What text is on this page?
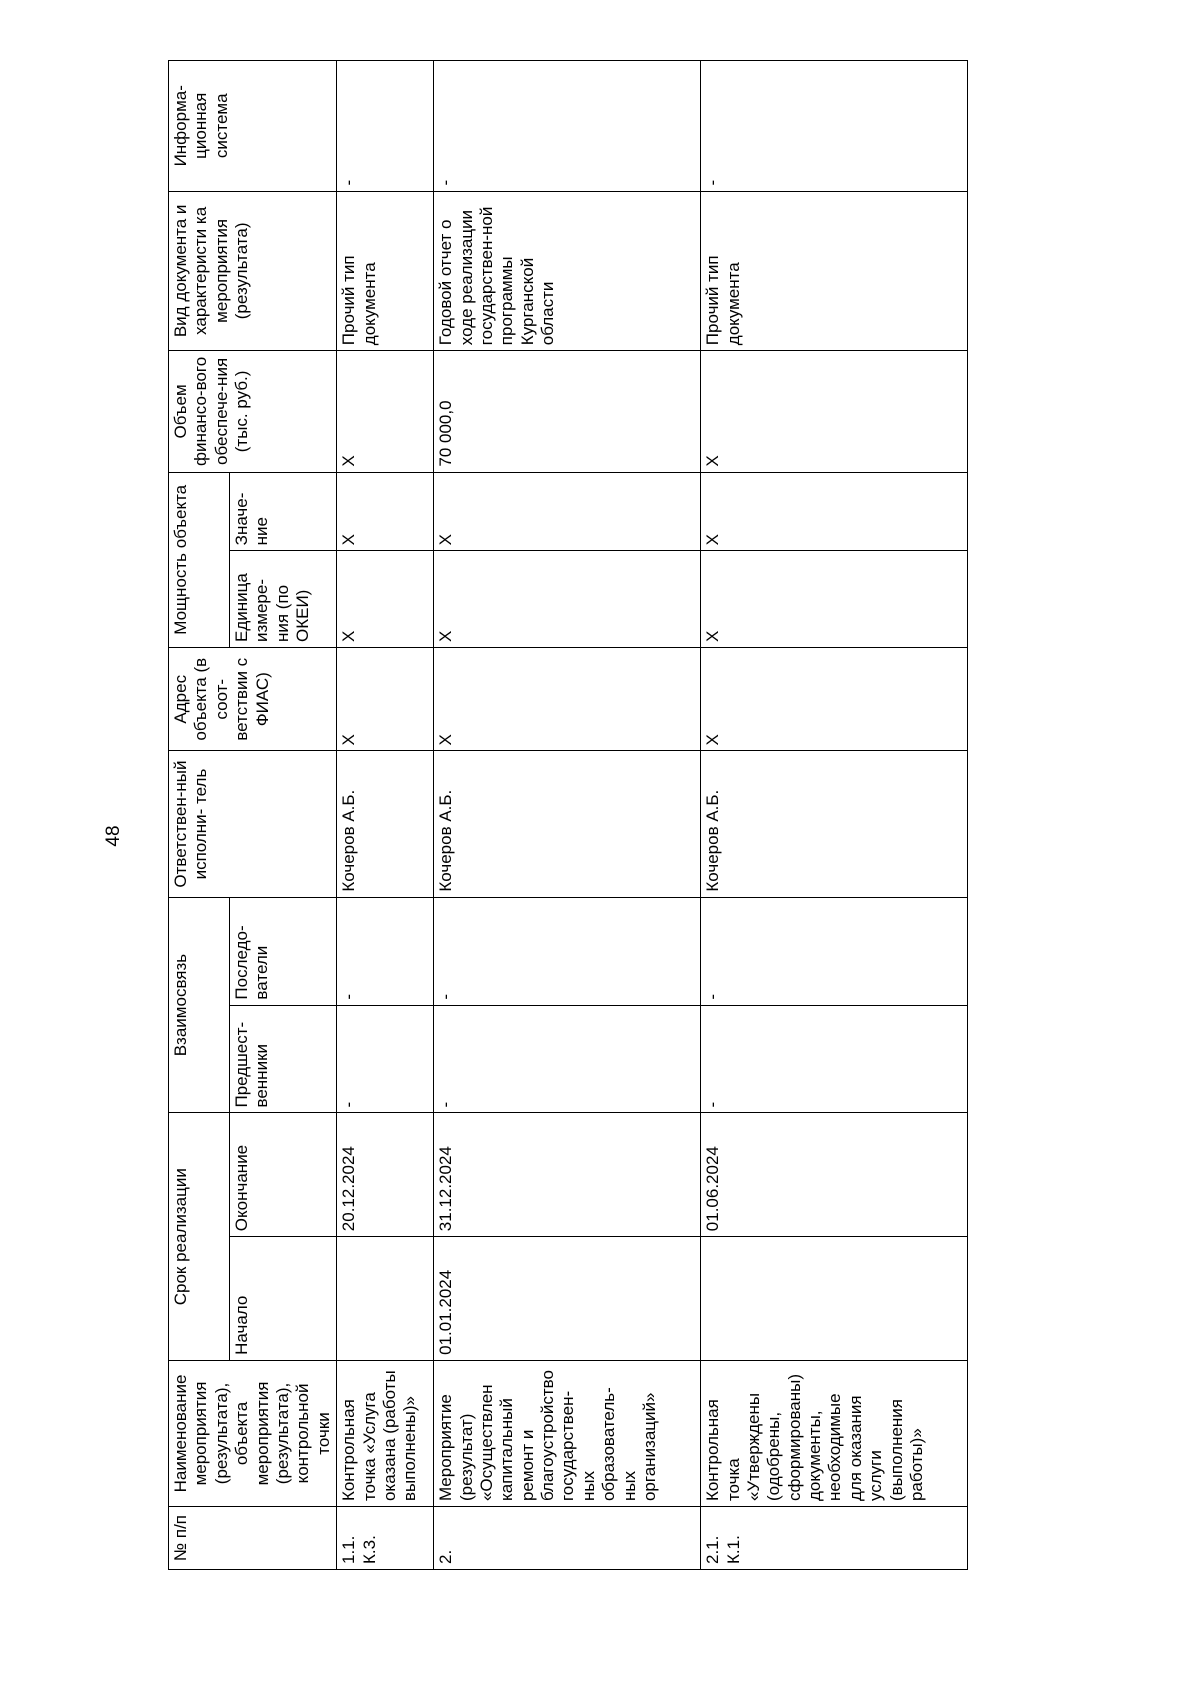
48
№ п/п	Наименование мероприятия (результата), объекта мероприятия (результата), контрольной точки	Срок реализации		Взаимосвязь		Ответствен-ный исполни- тель	Адрес объекта (в соот-ветствии с ФИАС)	Мощность объекта		Объем финансо-вого обеспече-ния (тыс. руб.)	Вид документа и характеристи ка мероприятия (результата)	Информа-ционная система
		Начало	Окончание	Предшест-венники	Последо-ватели			Единица измере-ния (по ОКЕИ)	Значе-ние			
1.1. К.3.	Контрольная точка «Услуга оказана (работы выполнены)»		20.12.2024	-	-	Кочеров А.Б.	X	X	X	X	Прочий тип документа	-
2.	Мероприятие (результат) «Осуществлен капитальный ремонт и благоустройство государствен-ных образователь-ных организаций»	01.01.2024	31.12.2024	-	-	Кочеров А.Б.	X	X	X	70 000,0	Годовой отчет о ходе реализации государствен-ной программы Курганской области	-
2.1. К.1.	Контрольная точка «Утверждены (одобрены, сформированы) документы, необходимые для оказания услуги (выполнения работы)»		01.06.2024	-	-	Кочеров А.Б.	X	X	X	X	Прочий тип документа	-
